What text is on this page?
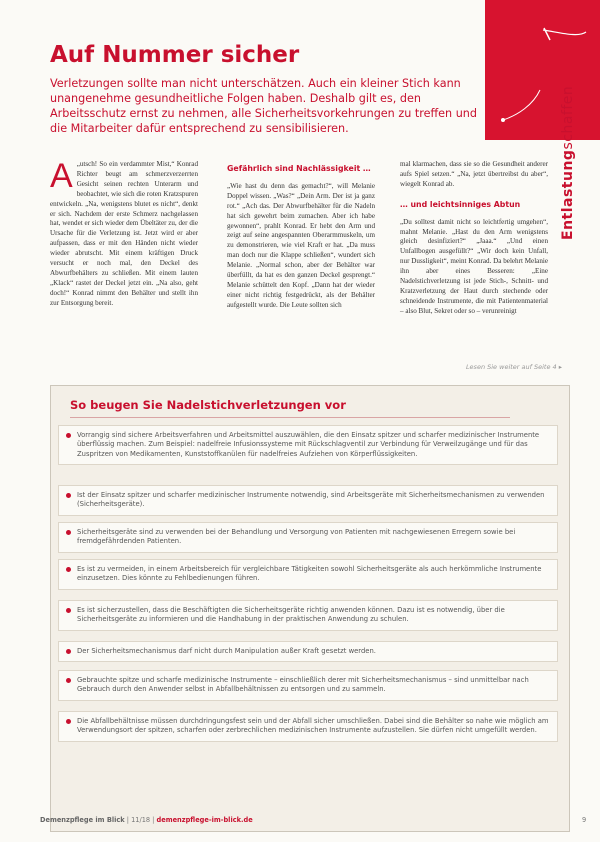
Entlastungschaffen
Auf Nummer sicher

Verletzungen sollte man nicht unterschätzen. Auch ein kleiner Stich kann unangenehme gesundheitliche Folgen haben. Deshalb gilt es, den Arbeitsschutz ernst zu nehmen, alle Sicherheitsvorkehrungen zu treffen und die Mitarbeiter dafür entsprechend zu sensibilisieren.

A „utsch! So ein verdammter Mist,“ Konrad Richter beugt am schmerzverzerrten Gesicht seinen rechten Unterarm und beobachtet, wie sich die roten Kratzspuren entwickeln. „Na, wenigstens blutet es nicht“, denkt er sich. Nachdem der erste Schmerz nachgelassen hat, wendet er sich wieder dem Übeltäter zu, der die Ursache für die Verletzung ist. Jetzt wird er aber aufpassen, dass er mit den Händen nicht wieder wieder abrutscht. Mit einem kräftigen Druck versucht er noch mal, den Deckel des Abwurfbehälters zu schließen. Mit einem lauten „Klack“ rastet der Deckel jetzt ein. „Na also, geht doch!“ Konrad nimmt den Behälter und stellt ihn zur Entsorgung bereit.

Gefährlich sind Nachlässigkeit …

„Wie hast du denn das gemacht?“, will Melanie Doppel wissen. „Was?“ „Dein Arm. Der ist ja ganz rot.“ „Ach das. Der Abwurfbehälter für die Nadeln hat sich gewehrt beim zumachen. Aber ich habe gewonnen“, prahlt Konrad. Er hebt den Arm und zeigt auf seine angespannten Oberarmmuskeln, um zu demonstrieren, wie viel Kraft er hat. „Da muss man doch nur die Klappe schließen“, wundert sich Melanie. „Normal schon, aber der Behälter war überfüllt, da hat es den ganzen Deckel gesprengt.“ Melanie schüttelt den Kopf. „Dann hat der wieder einer nicht richtig festgedrückt, als der Behälter aufgestellt wurde. Die Leute sollten sich

mal klarmachen, dass sie so die Gesundheit anderer aufs Spiel setzen.“ „Na, jetzt übertreibst du aber“, wiegelt Konrad ab.

… und leichtsinniges Abtun

„Du solltest damit nicht so leichtfertig umgehen“, mahnt Melanie. „Hast du den Arm wenigstens gleich desinfiziert?“ „Jaaa.“ „Und einen Unfallbogen ausgefüllt?“ „Wir doch kein Unfall, nur Dussligkeit“, meint Konrad. Da belehrt Melanie ihn aber eines Besseren: „Eine Nadelstichverletzung ist jede Stich-, Schnitt- und Kratzverletzung der Haut durch stechende oder schneidende Instrumente, die mit Patientenmaterial – also Blut, Sekret oder so – verunreinigt

Lesen Sie weiter auf Seite 4 ▸

So beugen Sie Nadelstichverletzungen vor

Vorrangig sind sichere Arbeitsverfahren und Arbeitsmittel auszuwählen, die den Einsatz spitzer und scharfer medizinischer Instrumente überflüssig machen. Zum Beispiel: nadelfreie Infusionssysteme mit Rückschlagventil zur Verbindung für Verweilzugänge und für das Zuspritzen von Medikamenten, Kunststoffkanülen für nadelfreies Aufziehen von Körperflüssigkeiten.
Ist der Einsatz spitzer und scharfer medizinischer Instrumente notwendig, sind Arbeitsgeräte mit Sicherheitsmechanismen zu verwenden (Sicherheitsgeräte).
Sicherheitsgeräte sind zu verwenden bei der Behandlung und Versorgung von Patienten mit nachgewiesenen Erregern sowie bei fremdgefährdenden Patienten.
Es ist zu vermeiden, in einem Arbeitsbereich für vergleichbare Tätigkeiten sowohl Sicherheitsgeräte als auch herkömmliche Instrumente einzusetzen. Dies könnte zu Fehlbedienungen führen.
Es ist sicherzustellen, dass die Beschäftigten die Sicherheitsgeräte richtig anwenden können. Dazu ist es notwendig, über die Sicherheitsgeräte zu informieren und die Handhabung in der praktischen Anwendung zu schulen.
Der Sicherheitsmechanismus darf nicht durch Manipulation außer Kraft gesetzt werden.
Gebrauchte spitze und scharfe medizinische Instrumente – einschließlich derer mit Sicherheitsmechanismus – sind unmittelbar nach Gebrauch durch den Anwender selbst in Abfallbehältnissen zu entsorgen und zu sammeln.
Die Abfallbehältnisse müssen durchdringungsfest sein und der Abfall sicher umschließen. Dabei sind die Behälter so nahe wie möglich am Verwendungsort der spitzen, scharfen oder zerbrechlichen medizinischen Instrumente aufzustellen. Sie dürfen nicht umgefüllt werden.
Demenzpflege im Blick | 11/18 | demenzpflege-im-blick.de	9
